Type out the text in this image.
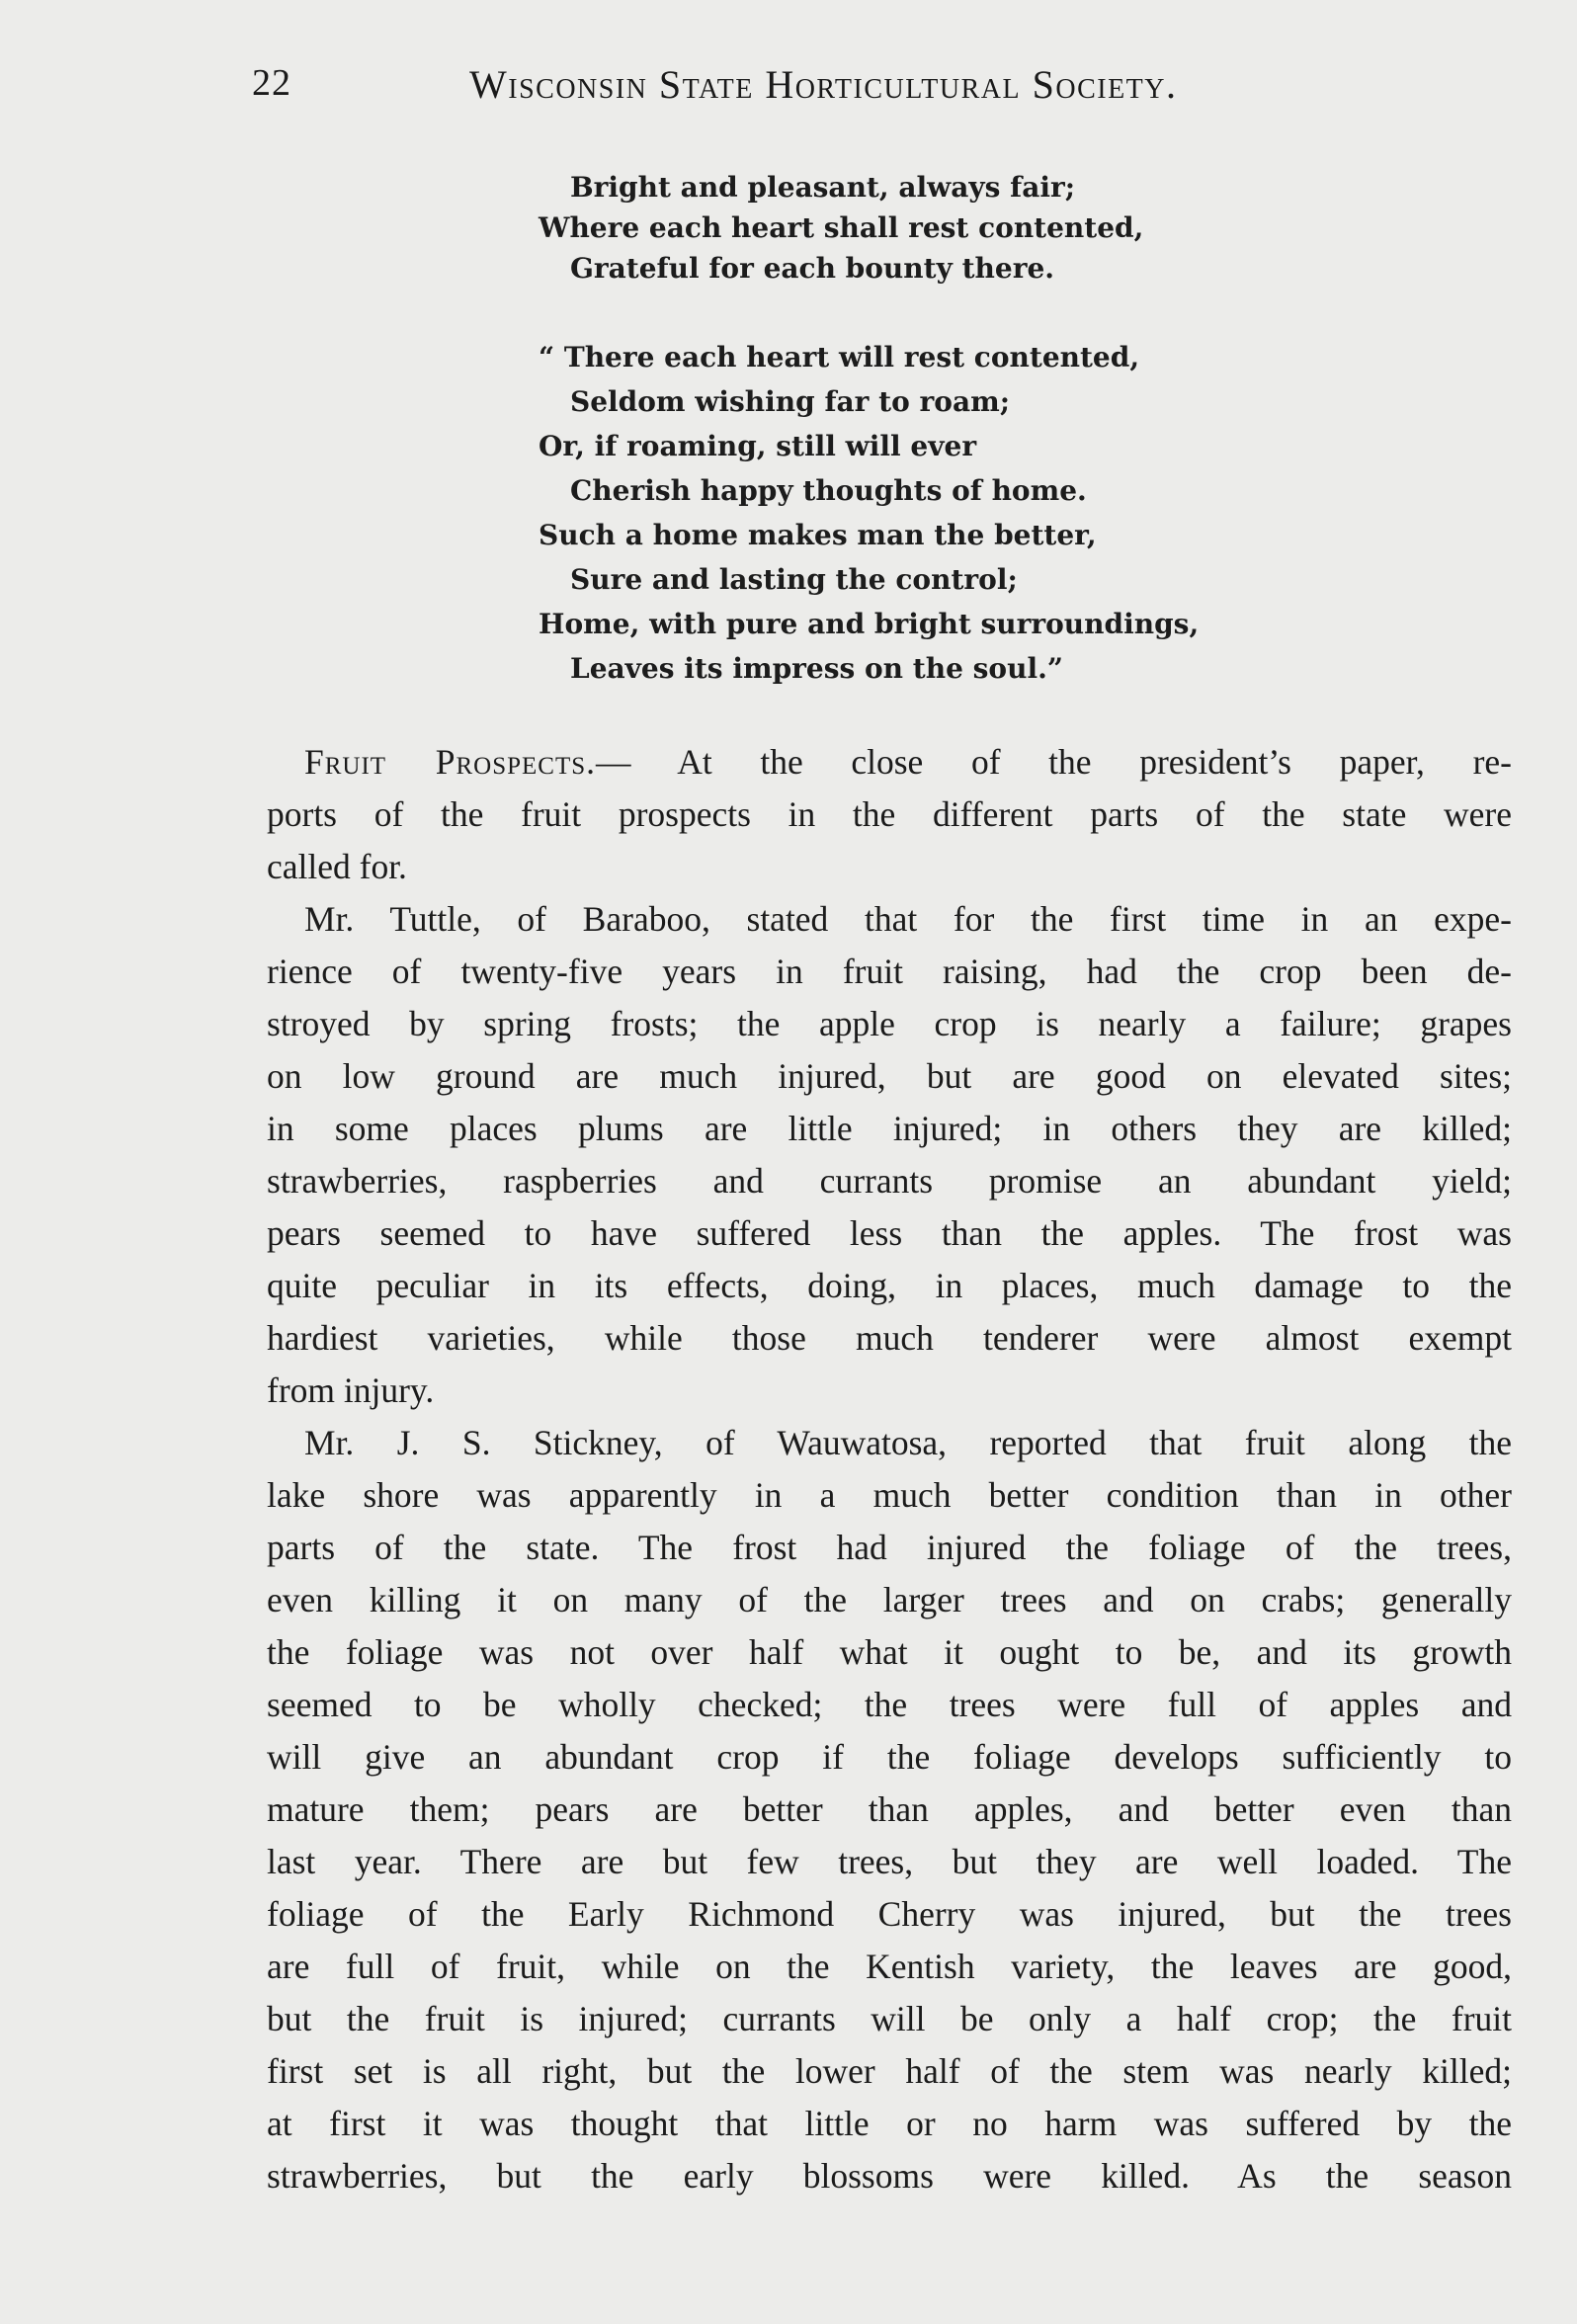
22	Wisconsin State Horticultural Society.
Bright and pleasant, always fair;
Where each heart shall rest contented,
Grateful for each bounty there.
“ There each heart will rest contented,
Seldom wishing far to roam;
Or, if roaming, still will ever
Cherish happy thoughts of home.
Such a home makes man the better,
Sure and lasting the control;
Home, with pure and bright surroundings,
Leaves its impress on the soul.”
Fruit Prospects.— At the close of the president’s paper, re-
ports of the fruit prospects in the different parts of the state were
called for.
Mr. Tuttle, of Baraboo, stated that for the first time in an expe-
rience of twenty-five years in fruit raising, had the crop been de-
stroyed by spring frosts; the apple crop is nearly a failure; grapes
on low ground are much injured, but are good on elevated sites;
in some places plums are little injured; in others they are killed;
strawberries, raspberries and currants promise an abundant yield;
pears seemed to have suffered less than the apples. The frost was
quite peculiar in its effects, doing, in places, much damage to the
hardiest varieties, while those much tenderer were almost exempt
from injury.
Mr. J. S. Stickney, of Wauwatosa, reported that fruit along the
lake shore was apparently in a much better condition than in other
parts of the state. The frost had injured the foliage of the trees,
even killing it on many of the larger trees and on crabs; generally
the foliage was not over half what it ought to be, and its growth
seemed to be wholly checked; the trees were full of apples and
will give an abundant crop if the foliage develops sufficiently to
mature them; pears are better than apples, and better even than
last year. There are but few trees, but they are well loaded. The
foliage of the Early Richmond Cherry was injured, but the trees
are full of fruit, while on the Kentish variety, the leaves are good,
but the fruit is injured; currants will be only a half crop; the fruit
first set is all right, but the lower half of the stem was nearly killed;
at first it was thought that little or no harm was suffered by the
strawberries, but the early blossoms were killed. As the season
